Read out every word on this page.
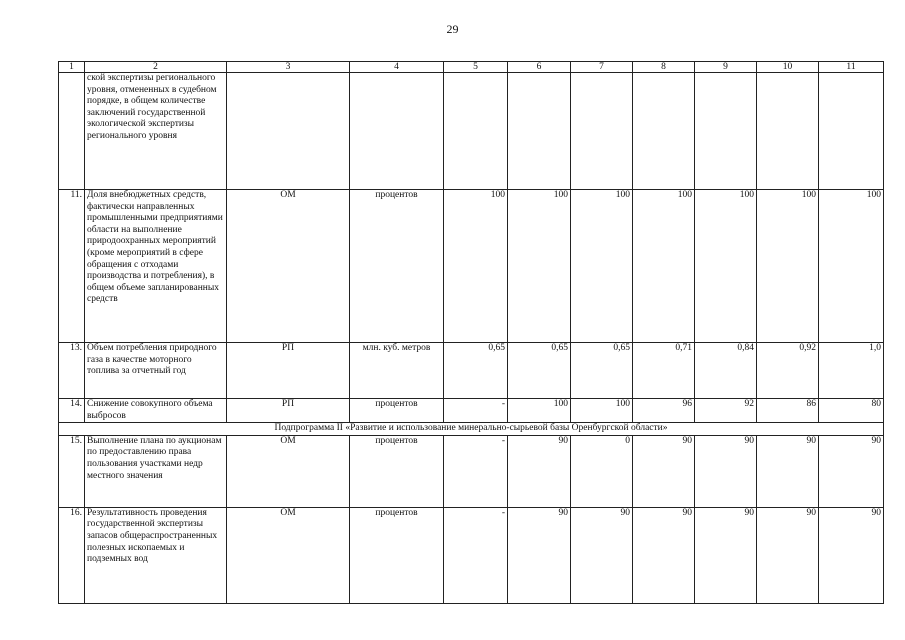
29
1	2	3	4	5	6	7	8	9	10	11
	ской экспертизы регионального уровня, отмененных в судебном порядке, в общем количестве заключений государственной экологической экспертизы регионального уровня									
11.	Доля внебюджетных средств, фактически направленных промышленными предприятиями области на выполнение природоохранных мероприятий (кроме мероприятий в сфере обращения с отходами производства и потребления), в общем объеме запланированных средств	ОМ	процентов	100	100	100	100	100	100	100
13.	Объем потребления природного газа в качестве моторного топлива за отчетный год	РП	млн. куб. метров	0,65	0,65	0,65	0,71	0,84	0,92	1,0
14.	Снижение совокупного объема выбросов	РП	процентов	-	100	100	96	92	86	80
Подпрограмма II «Развитие и использование минерально-сырьевой базы Оренбургской области»										
15.	Выполнение плана по аукционам по предоставлению права пользования участками недр местного значения	ОМ	процентов	-	90	0	90	90	90	90
16.	Результативность проведения государственной экспертизы запасов общераспространенных полезных ископаемых и подземных вод	ОМ	процентов	-	90	90	90	90	90	90
